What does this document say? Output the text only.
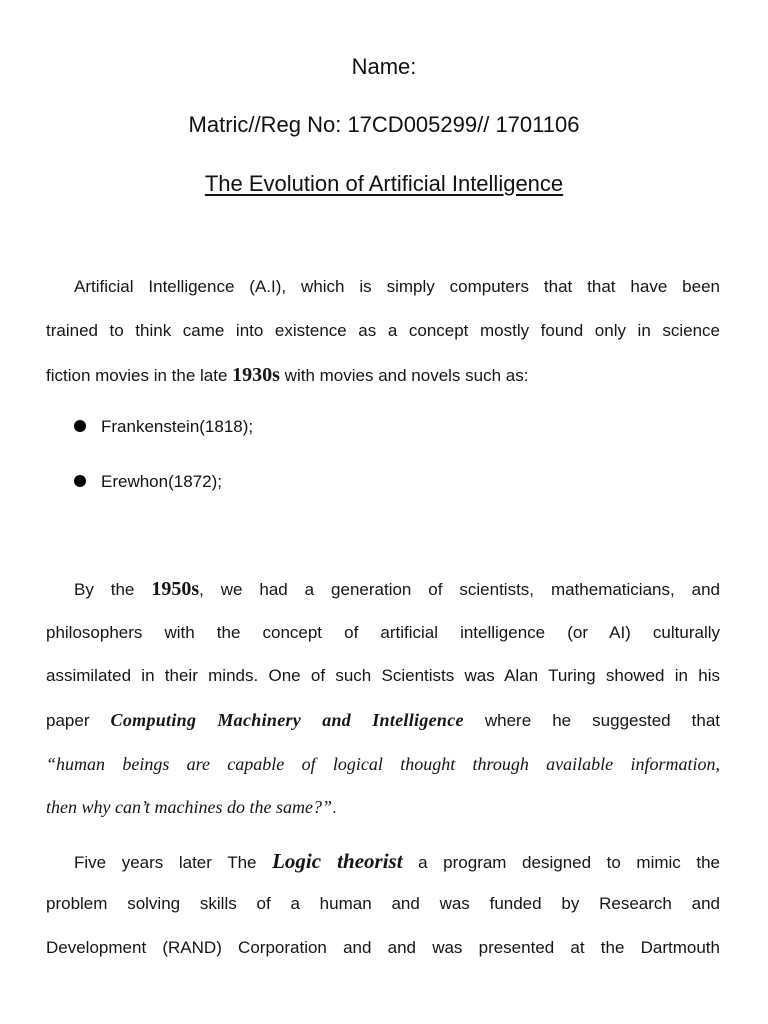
Name:
Matric//Reg No: 17CD005299// 1701106
The Evolution of Artificial Intelligence
Artificial Intelligence (A.I), which is simply computers that that have been
trained to think came into existence as a concept mostly found only in science
fiction movies in the late 1930s with movies and novels such as:
Frankenstein(1818);
Erewhon(1872);
By the 1950s, we had a generation of scientists, mathematicians, and
philosophers with the concept of artificial intelligence (or AI) culturally
assimilated in their minds. One of such Scientists was Alan Turing showed in his
paper Computing Machinery and Intelligence where he suggested that
“human beings are capable of logical thought through available information,
then why can’t machines do the same?”.
Five years later The Logic theorist a program designed to mimic the
problem solving skills of a human and was funded by Research and
Development (RAND) Corporation and and was presented at the Dartmouth
